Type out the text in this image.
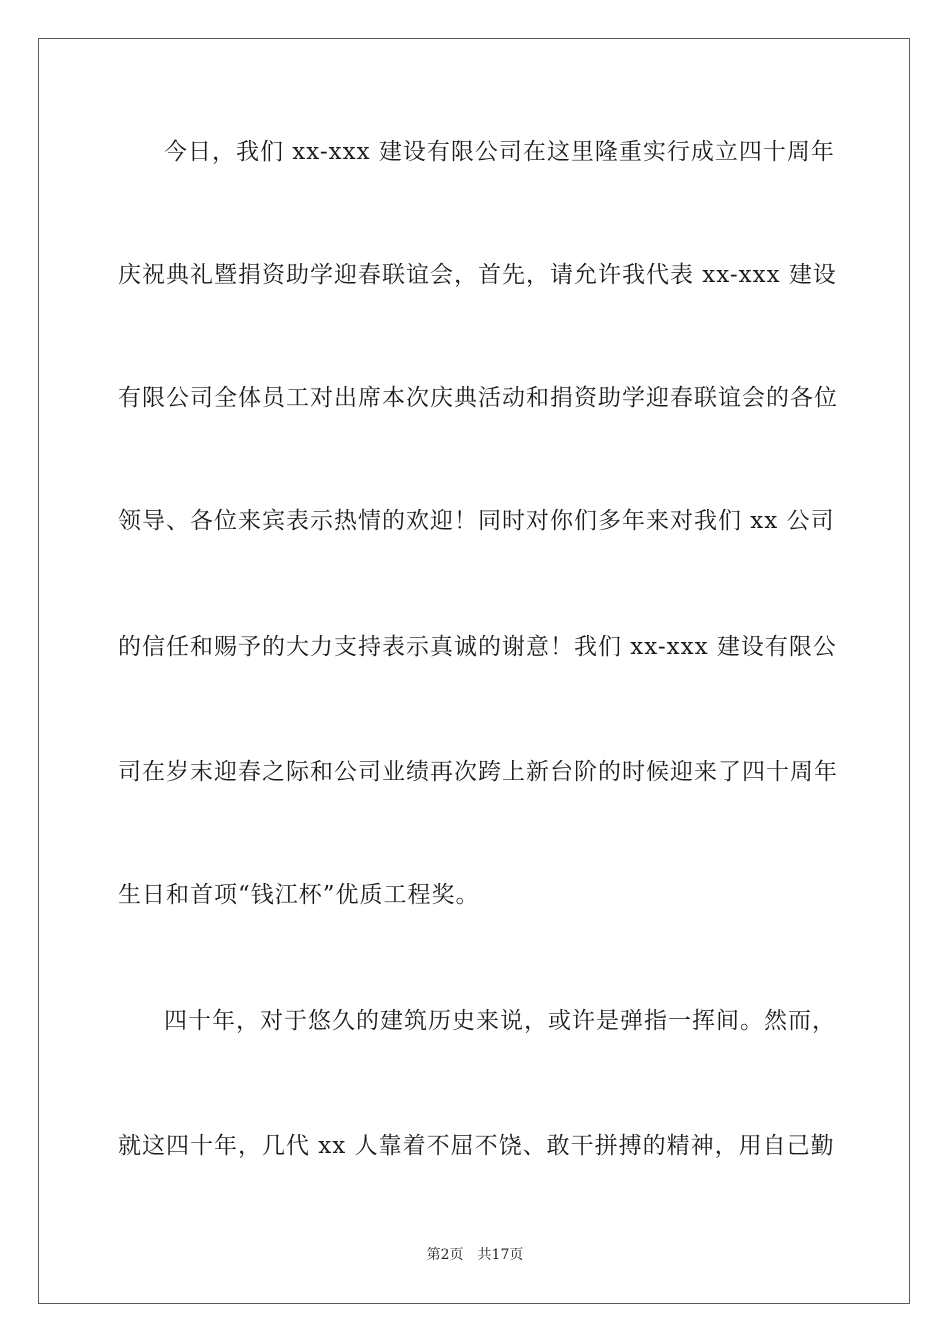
今日，我们 xx-xxx 建设有限公司在这里隆重实行成立四十周年
庆祝典礼暨捐资助学迎春联谊会，首先，请允许我代表 xx-xxx 建设
有限公司全体员工对出席本次庆典活动和捐资助学迎春联谊会的各位
领导、各位来宾表示热情的欢迎！同时对你们多年来对我们 xx 公司
的信任和赐予的大力支持表示真诚的谢意！我们 xx-xxx 建设有限公
司在岁末迎春之际和公司业绩再次跨上新台阶的时候迎来了四十周年
生日和首项“钱江杯”优质工程奖。
四十年，对于悠久的建筑历史来说，或许是弹指一挥间。然而，
就这四十年，几代 xx 人靠着不屈不饶、敢干拼搏的精神，用自己勤
第2页 共17页
